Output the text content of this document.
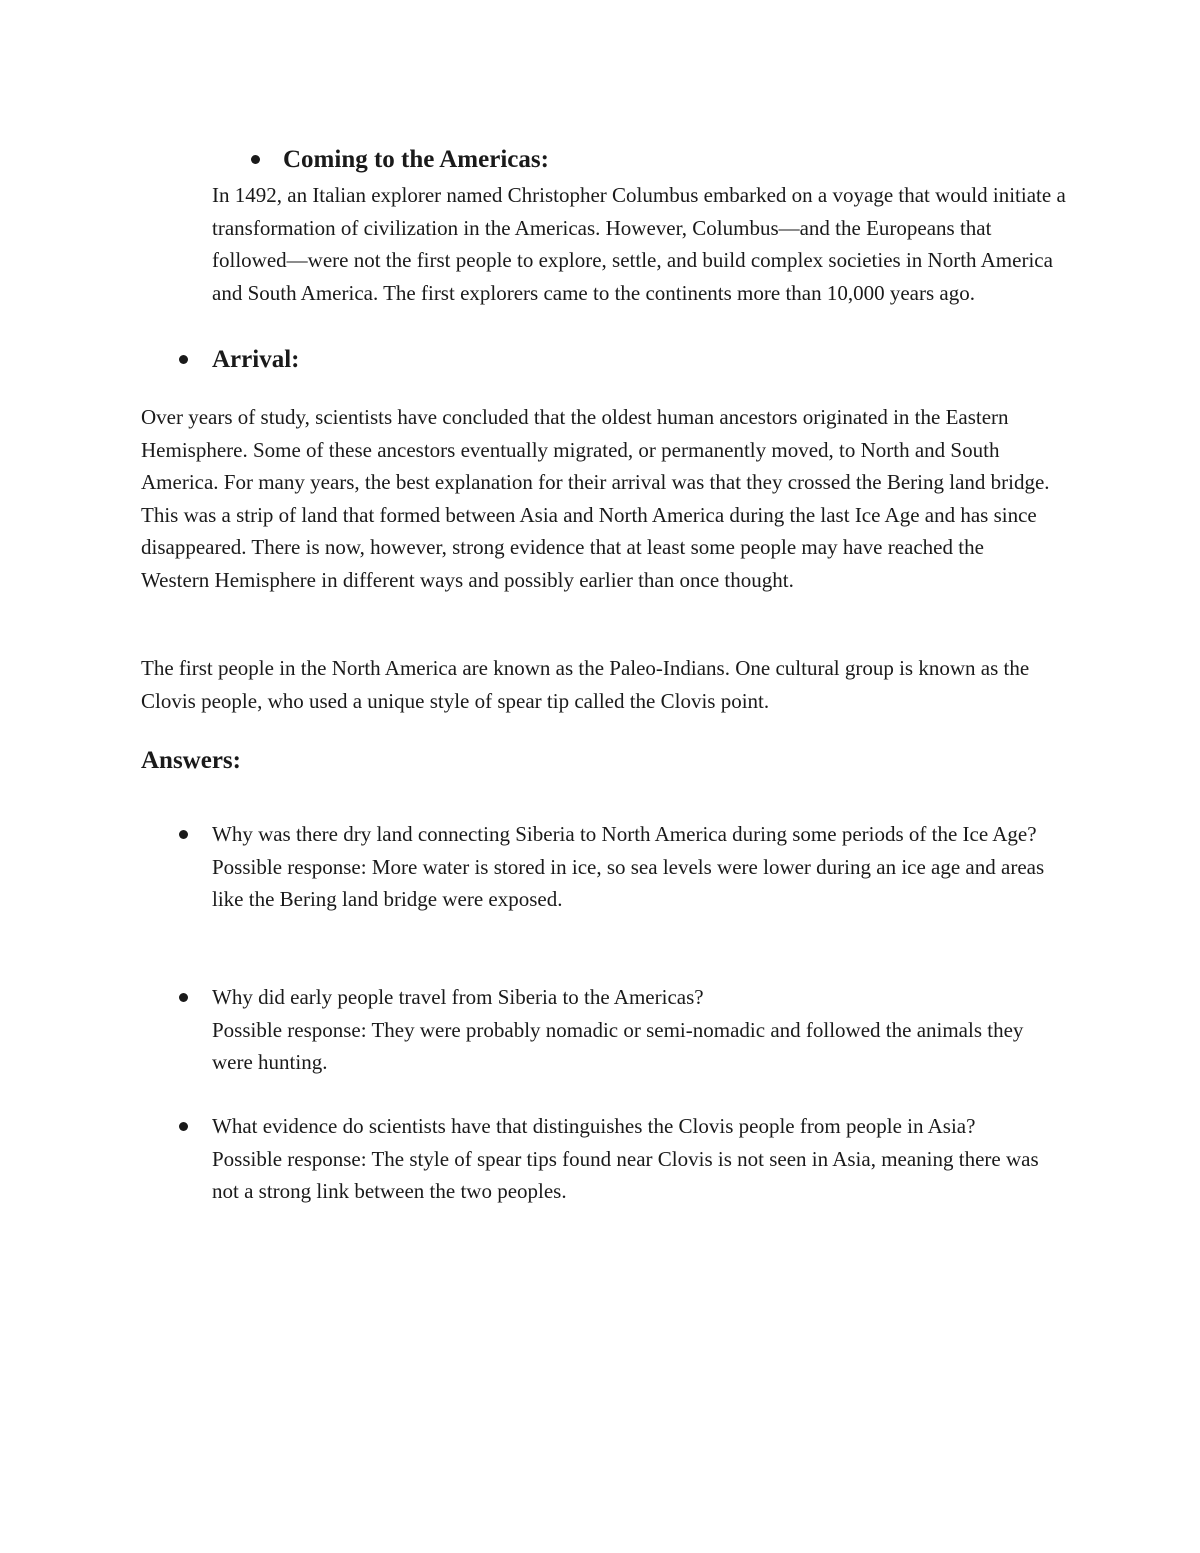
Coming to the Americas:
In 1492, an Italian explorer named Christopher Columbus embarked on a voyage that would initiate a transformation of civilization in the Americas. However, Columbus—and the Europeans that followed—were not the first people to explore, settle, and build complex societies in North America and South America. The first explorers came to the continents more than 10,000 years ago.
Arrival:
Over years of study, scientists have concluded that the oldest human ancestors originated in the Eastern Hemisphere. Some of these ancestors eventually migrated, or permanently moved, to North and South America. For many years, the best explanation for their arrival was that they crossed the Bering land bridge. This was a strip of land that formed between Asia and North America during the last Ice Age and has since disappeared. There is now, however, strong evidence that at least some people may have reached the Western Hemisphere in different ways and possibly earlier than once thought.
The first people in the North America are known as the Paleo-Indians. One cultural group is known as the Clovis people, who used a unique style of spear tip called the Clovis point.
Answers:

Why was there dry land connecting Siberia to North America during some periods of the Ice Age?

Possible response: More water is stored in ice, so sea levels were lower during an ice age and areas like the Bering land bridge were exposed.

Why did early people travel from Siberia to the Americas?

Possible response: They were probably nomadic or semi-nomadic and followed the animals they were hunting.

What evidence do scientists have that distinguishes the Clovis people from people in Asia?

Possible response: The style of spear tips found near Clovis is not seen in Asia, meaning there was not a strong link between the two peoples.
